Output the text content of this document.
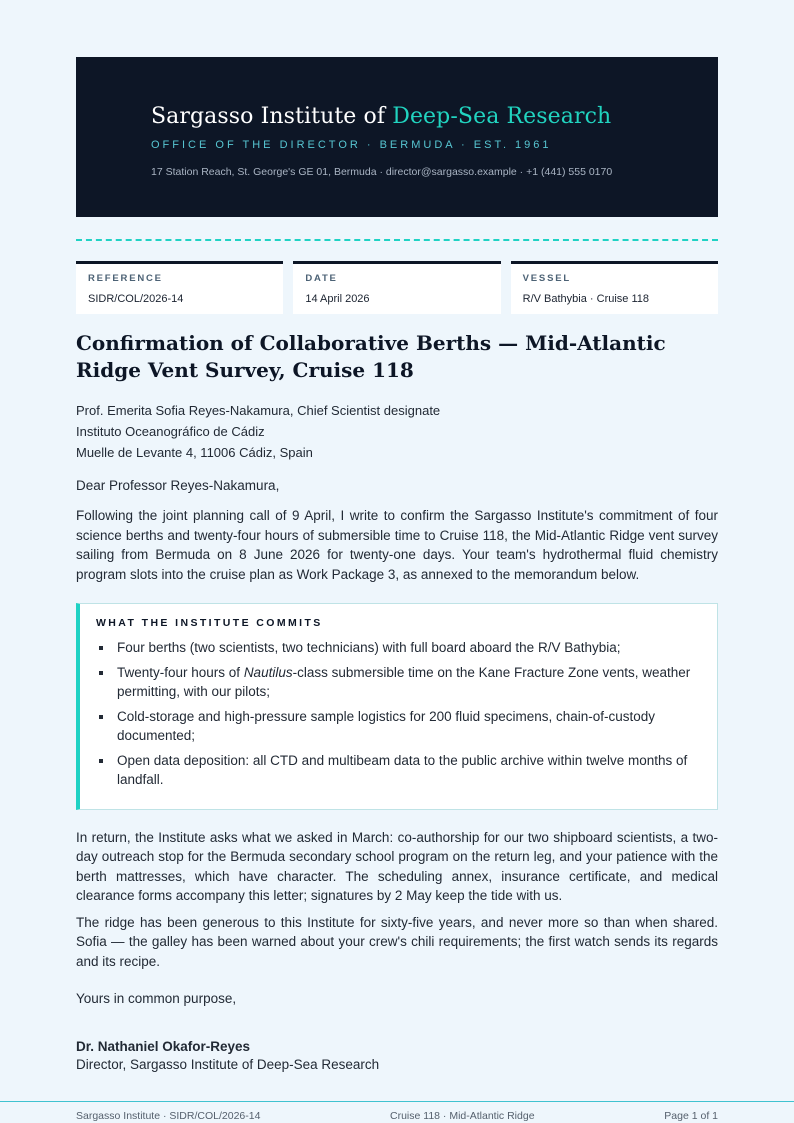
Sargasso Institute of Deep-Sea Research
OFFICE OF THE DIRECTOR · BERMUDA · EST. 1961
17 Station Reach, St. George's GE 01, Bermuda · director@sargasso.example · +1 (441) 555 0170
REFERENCE
SIDR/COL/2026-14
DATE
14 April 2026
VESSEL
R/V Bathybia · Cruise 118
Confirmation of Collaborative Berths — Mid-Atlantic Ridge Vent Survey, Cruise 118
Prof. Emerita Sofia Reyes-Nakamura, Chief Scientist designate
Instituto Oceanográfico de Cádiz
Muelle de Levante 4, 11006 Cádiz, Spain

Dear Professor Reyes-Nakamura,

Following the joint planning call of 9 April, I write to confirm the Sargasso Institute's commitment of four science berths and twenty-four hours of submersible time to Cruise 118, the Mid-Atlantic Ridge vent survey sailing from Bermuda on 8 June 2026 for twenty-one days. Your team's hydrothermal fluid chemistry program slots into the cruise plan as Work Package 3, as annexed to the memorandum below.

WHAT THE INSTITUTE COMMITS
Four berths (two scientists, two technicians) with full board aboard the R/V Bathybia;
Twenty-four hours of Nautilus-class submersible time on the Kane Fracture Zone vents, weather permitting, with our pilots;
Cold-storage and high-pressure sample logistics for 200 fluid specimens, chain-of-custody documented;
Open data deposition: all CTD and multibeam data to the public archive within twelve months of landfall.

In return, the Institute asks what we asked in March: co-authorship for our two shipboard scientists, a two-day outreach stop for the Bermuda secondary school program on the return leg, and your patience with the berth mattresses, which have character. The scheduling annex, insurance certificate, and medical clearance forms accompany this letter; signatures by 2 May keep the tide with us.

The ridge has been generous to this Institute for sixty-five years, and never more so than when shared. Sofia — the galley has been warned about your crew's chili requirements; the first watch sends its regards and its recipe.

Yours in common purpose,

Dr. Nathaniel Okafor-Reyes
Director, Sargasso Institute of Deep-Sea Research
Sargasso Institute · SIDR/COL/2026-14	Cruise 118 · Mid-Atlantic Ridge	Page 1 of 1
